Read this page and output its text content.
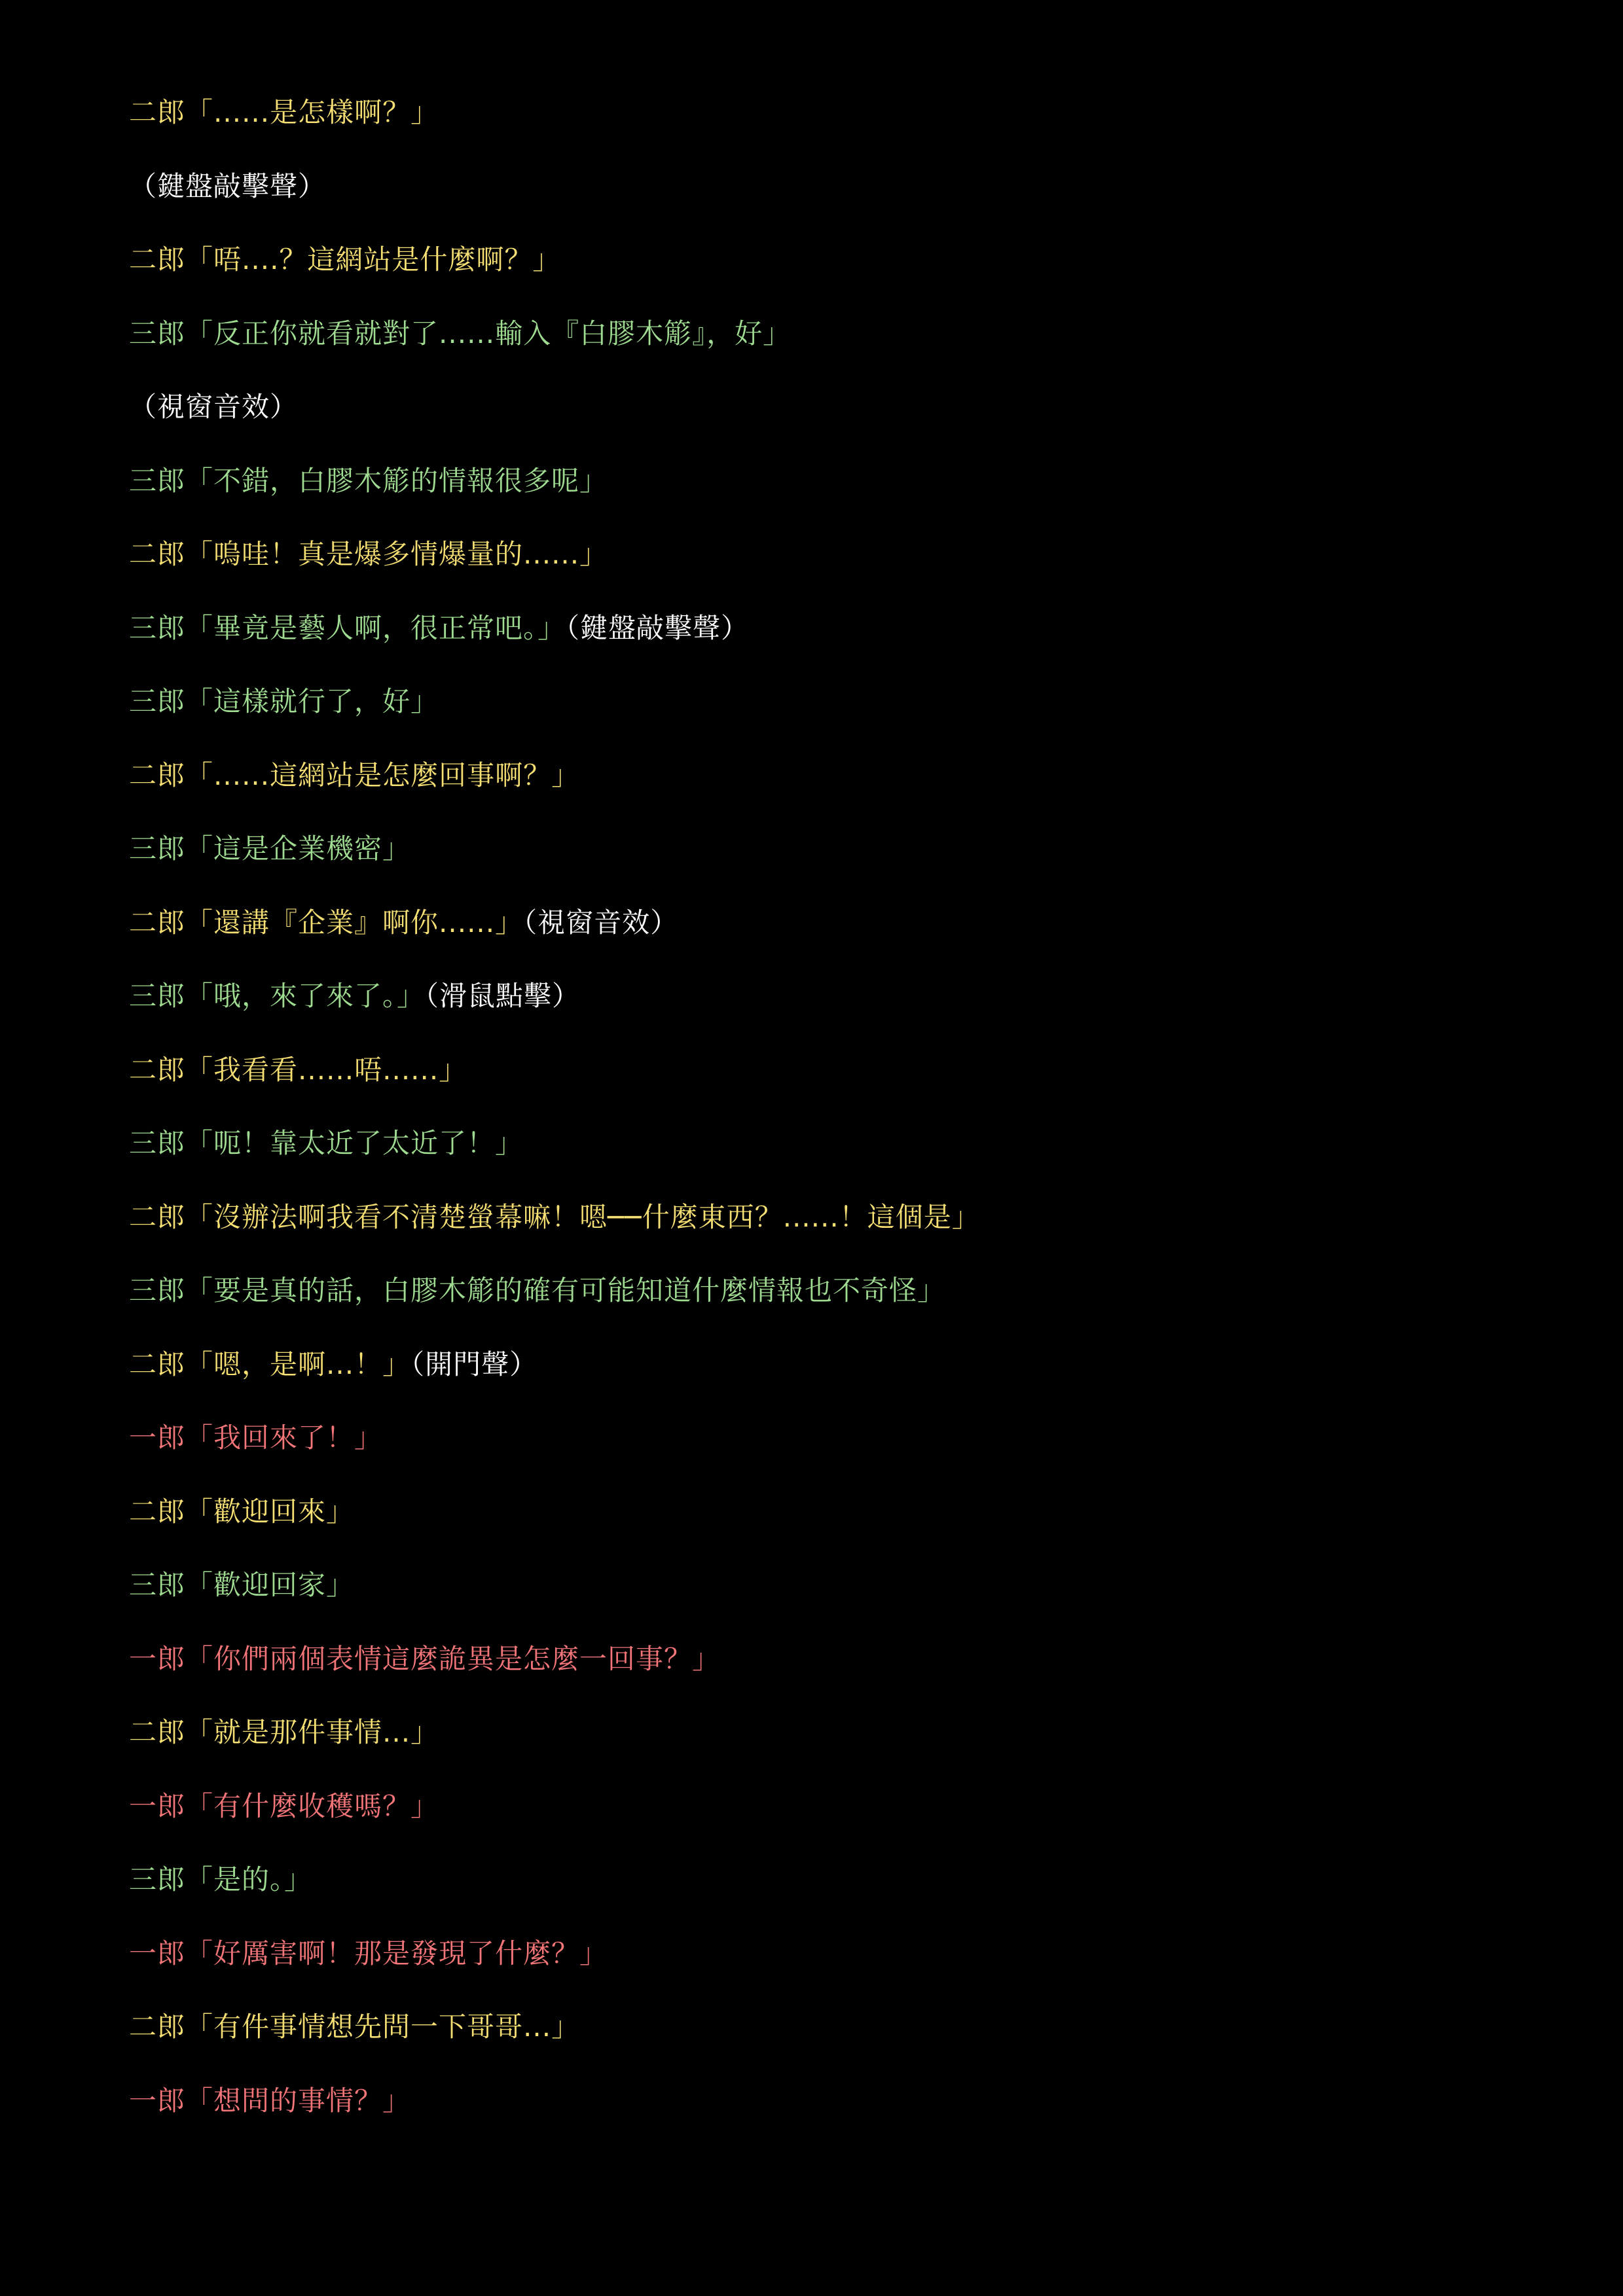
二郎「......是怎樣啊？」
（鍵盤敲擊聲）
二郎「唔....？這網站是什麼啊？」
三郎「反正你就看就對了......輸入『白膠木簓』，好」
（視窗音效）
三郎「不錯，白膠木簓的情報很多呢」
二郎「嗚哇！真是爆多情爆量的......」
三郎「畢竟是藝人啊，很正常吧。」（鍵盤敲擊聲）
三郎「這樣就行了，好」
二郎「......這網站是怎麼回事啊？」
三郎「這是企業機密」
二郎「還講『企業』啊你......」（視窗音效）
三郎「哦，來了來了。」（滑鼠點擊）
二郎「我看看......唔......」
三郎「呃！靠太近了太近了！」
二郎「沒辦法啊我看不清楚螢幕嘛！嗯──什麼東西？......！這個是」
三郎「要是真的話，白膠木簓的確有可能知道什麼情報也不奇怪」
二郎「嗯，是啊...！」（開門聲）
一郎「我回來了！」
二郎「歡迎回來」
三郎「歡迎回家」
一郎「你們兩個表情這麼詭異是怎麼一回事？」
二郎「就是那件事情...」
一郎「有什麼收穫嗎？」
三郎「是的。」
一郎「好厲害啊！那是發現了什麼？」
二郎「有件事情想先問一下哥哥...」
一郎「想問的事情？」
